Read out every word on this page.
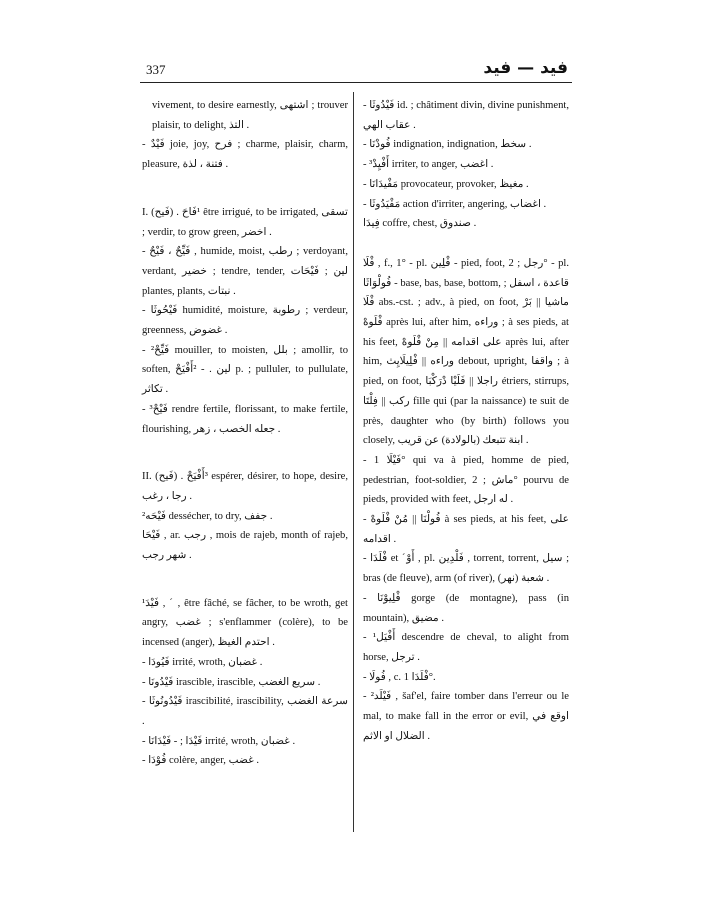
337	فيد — فيد

vivement, to desire earnestly, اشتهى ; trouver plaisir, to delight, التذ .

- فَيْدٌ joie, joy, فرح ; charme, plaisir, charm, pleasure, فتنة ، لذة .

I. (فَيح) . ¹فَاحَ être irrigué, to be irrigated, تسقى ; verdir, to grow green, اخضر .

- فَيِّحٌ ، فَيْحٌ , humide, moist, رطب ; verdoyant, verdant, خضير ; tendre, tender, لين ; فَيْحَات plantes, plants, نبتات .

- فَيْحُوثَا humidité, moisture, رطوبة ; verdeur, greenness, غضوض .

- ²فَيِّحْ mouiller, to moisten, بلل ; amollir, to soften, لين . - ²أَفْيَحْ p. ; pulluler, to pullulate, تكاثر .

- ³فَيْحْ rendre fertile, florissant, to make fertile, flourishing, جعله الخصب ، زهر .

II. (فَيح) . ³أَفْيَحْ espérer, désirer, to hope, desire, رجا ، رغب .

²فَيْحَه dessécher, to dry, جفف .

فَيْحَا , ar. رجب , mois de rajeb, month of rajeb, شهر رجب .

¹فَيْدَ , ˊ , être fâché, se fâcher, to be wroth, get angry, غضب ; s'enflammer (colère), to be incensed (anger), احتدم الغيظ .

- فَيُودَا irrité, wroth, غضبان .

- فَيْدُونَا irascible, irascible, سريع الغضب .

- فَيْدُونُوثَا irascibilité, irascibility, سرعة الغضب .

- فَيْدَا ; - فَيْدَانَا irrité, wroth, غضبان .

- فُوْدَا colère, anger, غضب .

- فَيْدُوثَا id. ; châtiment divin, divine punishment, عقاب الهي .

- فُودْنَا indignation, indignation, سخط .

- ³أَفْيِدْ irriter, to anger, اغضب .

- مَفْيدَانَا provocateur, provoker, مغيظ .

- مَفْيَدُوثَا action d'irriter, angering, اغضاب .

فِيدَا coffre, chest, صندوق .

فْلَا , f., 1° - pl. فْلِين - pied, foot, رجل ; 2° - pl. فُولْوَاثَا - base, bas, base, bottom, قاعدة ، اسفل ; فْلَا abs.-cst. ; adv., à pied, on foot, ماشيا || بَرْ فْلَوهْ après lui, after him, وراءه ; à ses pieds, at his feet, على اقدامه || مِنْ فْلَوهْ après lui, after him, وراءه || فْلِيلَايِث debout, upright, واقفا ; à pied, on foot, راجلا || فَلَيْا دْرَكْبَا étriers, stirrups, ركب || فِلْتَا fille qui (par la naissance) te suit de près, daughter who (by birth) follows you closely, ابنة تتبعك (بالولادة) عن قريب .

- فَيْلَا 1° qui va à pied, homme de pied, pedestrian, foot-soldier, ماش ; 2° pourvu de pieds, provided with feet, له ارجل .

- فُولْنَا || مُنْ فْلَوهْ à ses pieds, at his feet, على اقدامه .

- فْلَدَا et ˊأَوْ , pl. فَلْدِين , torrent, torrent, سيل ; bras (de fleuve), arm (of river), شعبة (نهر) .

- فْلِيوْنَا gorge (de montagne), pass (in mountain), مضيق .

- ¹أَفْيَل descendre de cheval, to alight from horse, ترجل .

- فُولَا , c. فْلَدَا 1°.

- ²فَيْلَد , šaf'el, faire tomber dans l'erreur ou le mal, to make fall in the error or evil, اوقع في الضلال او الاثم .
